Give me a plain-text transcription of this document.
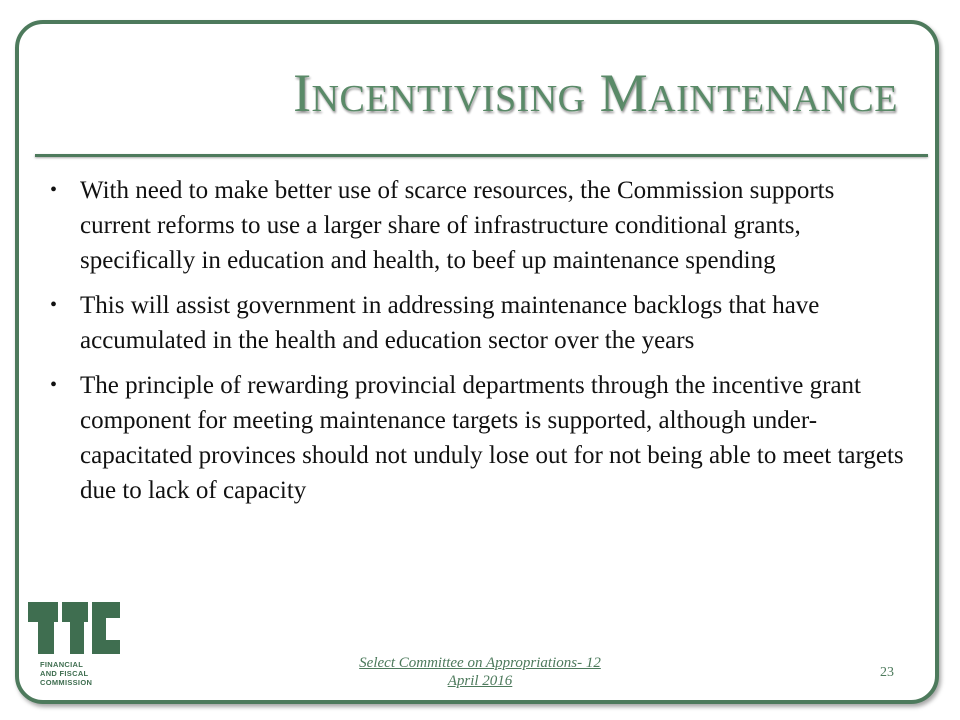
Incentivising Maintenance
• With need to make better use of scarce resources, the Commission supports current reforms to use a larger share of infrastructure conditional grants, specifically in education and health, to beef up maintenance spending
• This will assist government in addressing maintenance backlogs that have accumulated in the health and education sector over the years
• The principle of rewarding provincial departments through the incentive grant component for meeting maintenance targets is supported, although under-capacitated provinces should not unduly lose out for not being able to meet targets due to lack of capacity
FINANCIAL
AND FISCAL
COMMISSION
Select Committee on Appropriations- 12
April 2016
23
